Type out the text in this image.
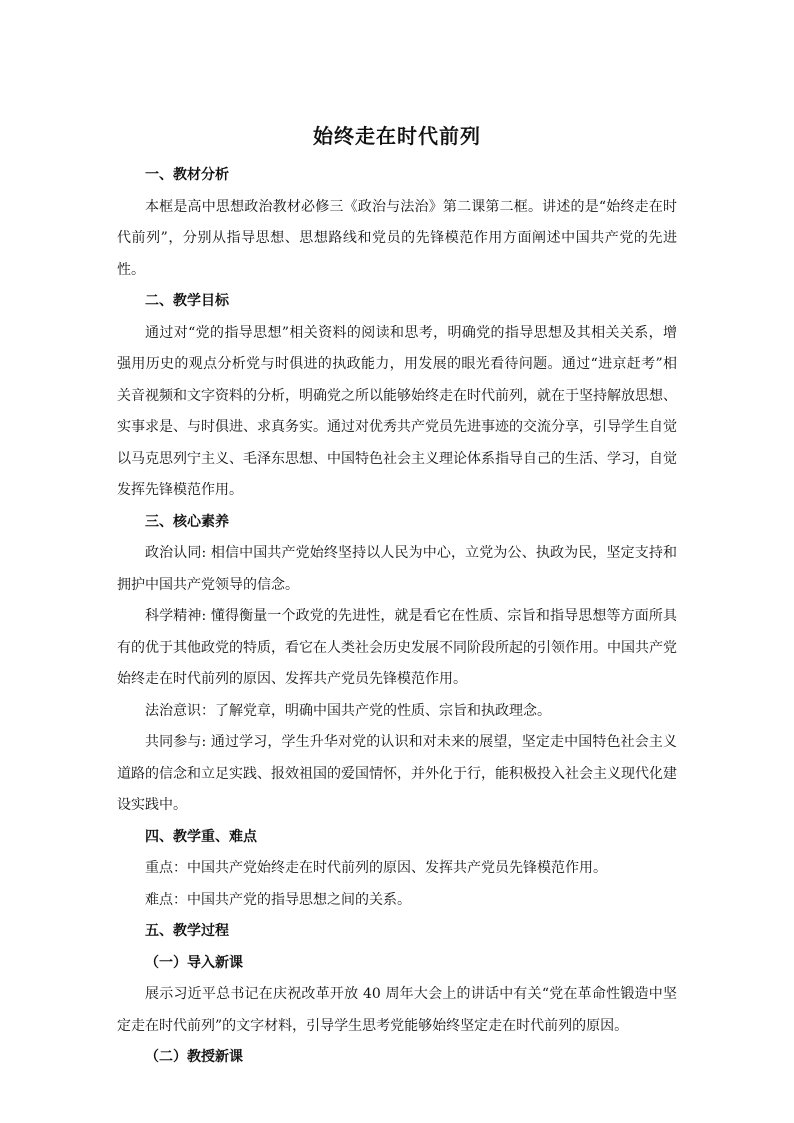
始终走在时代前列
一、教材分析

本框是高中思想政治教材必修三《政治与法治》第二课第二框。讲述的是“始终走在时代前列”，分别从指导思想、思想路线和党员的先锋模范作用方面阐述中国共产党的先进性。

二、教学目标

通过对“党的指导思想”相关资料的阅读和思考，明确党的指导思想及其相关关系，增强用历史的观点分析党与时俱进的执政能力，用发展的眼光看待问题。通过“进京赶考”相关音视频和文字资料的分析，明确党之所以能够始终走在时代前列，就在于坚持解放思想、实事求是、与时俱进、求真务实。通过对优秀共产党员先进事迹的交流分享，引导学生自觉以马克思列宁主义、毛泽东思想、中国特色社会主义理论体系指导自己的生活、学习，自觉发挥先锋模范作用。

三、核心素养

政治认同: 相信中国共产党始终坚持以人民为中心，立党为公、执政为民，坚定支持和拥护中国共产党领导的信念。

科学精神: 懂得衡量一个政党的先进性，就是看它在性质、宗旨和指导思想等方面所具有的优于其他政党的特质，看它在人类社会历史发展不同阶段所起的引领作用。中国共产党始终走在时代前列的原因、发挥共产党员先锋模范作用。

法治意识：了解党章，明确中国共产党的性质、宗旨和执政理念。

共同参与: 通过学习，学生升华对党的认识和对未来的展望，坚定走中国特色社会主义道路的信念和立足实践、报效祖国的爱国情怀，并外化于行，能积极投入社会主义现代化建设实践中。

四、教学重、难点

重点：中国共产党始终走在时代前列的原因、发挥共产党员先锋模范作用。

难点：中国共产党的指导思想之间的关系。

五、教学过程
（一）导入新课

展示习近平总书记在庆祝改革开放 40 周年大会上的讲话中有关“党在革命性锻造中坚定走在时代前列”的文字材料，引导学生思考党能够始终坚定走在时代前列的原因。

（二）教授新课
